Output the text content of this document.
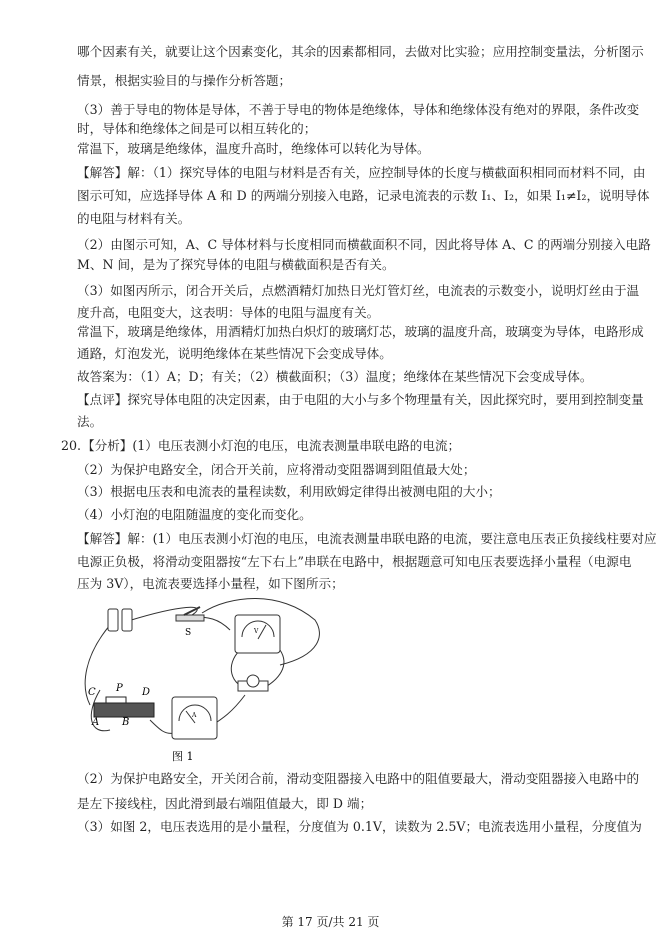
哪个因素有关，就要让这个因素变化，其余的因素都相同，去做对比实验；应用控制变量法，分析图示
情景，根据实验目的与操作分析答题；
（3）善于导电的物体是导体，不善于导电的物体是绝缘体，导体和绝缘体没有绝对的界限，条件改变
时，导体和绝缘体之间是可以相互转化的；
常温下，玻璃是绝缘体，温度升高时，绝缘体可以转化为导体。
【解答】解：（1）探究导体的电阻与材料是否有关，应控制导体的长度与横截面积相同而材料不同，由
图示可知，应选择导体 A 和 D 的两端分别接入电路，记录电流表的示数 I₁、I₂，如果 I₁≠I₂，说明导体
的电阻与材料有关。
（2）由图示可知，A、C 导体材料与长度相同而横截面积不同，因此将导体 A、C 的两端分别接入电路
M、N 间，是为了探究导体的电阻与横截面积是否有关。
（3）如图丙所示，闭合开关后，点燃酒精灯加热日光灯管灯丝，电流表的示数变小，说明灯丝由于温
度升高，电阻变大，这表明：导体的电阻与温度有关。
常温下，玻璃是绝缘体，用酒精灯加热白炽灯的玻璃灯芯，玻璃的温度升高，玻璃变为导体，电路形成
通路，灯泡发光，说明绝缘体在某些情况下会变成导体。
故答案为：（1）A；D；有关；（2）横截面积；（3）温度；绝缘体在某些情况下会变成导体。
【点评】探究导体电阻的决定因素，由于电阻的大小与多个物理量有关，因此探究时，要用到控制变量
法。
20. 【分析】(1）电压表测小灯泡的电压，电流表测量串联电路的电流；
（2）为保护电路安全，闭合开关前，应将滑动变阻器调到阻值最大处；
（3）根据电压表和电流表的量程读数，利用欧姆定律得出被测电阻的大小；
（4）小灯泡的电阻随温度的变化而变化。
【解答】解：(1）电压表测小灯泡的电压，电流表测量串联电路的电流，要注意电压表正负接线柱要对应
电源正负极，将滑动变阻器按“左下右上”串联在电路中，根据题意可知电压表要选择小量程（电源电
压为 3V），电流表要选择小量程，如下图所示；
S	V
C P D
A B
A
图 1
（2）为保护电路安全，开关闭合前，滑动变阻器接入电路中的阻值要最大，滑动变阻器接入电路中的
是左下接线柱，因此滑到最右端阻值最大，即 D 端；
（3）如图 2，电压表选用的是小量程，分度值为 0.1V，读数为 2.5V；电流表选用小量程，分度值为
第 17 页/共 21 页
